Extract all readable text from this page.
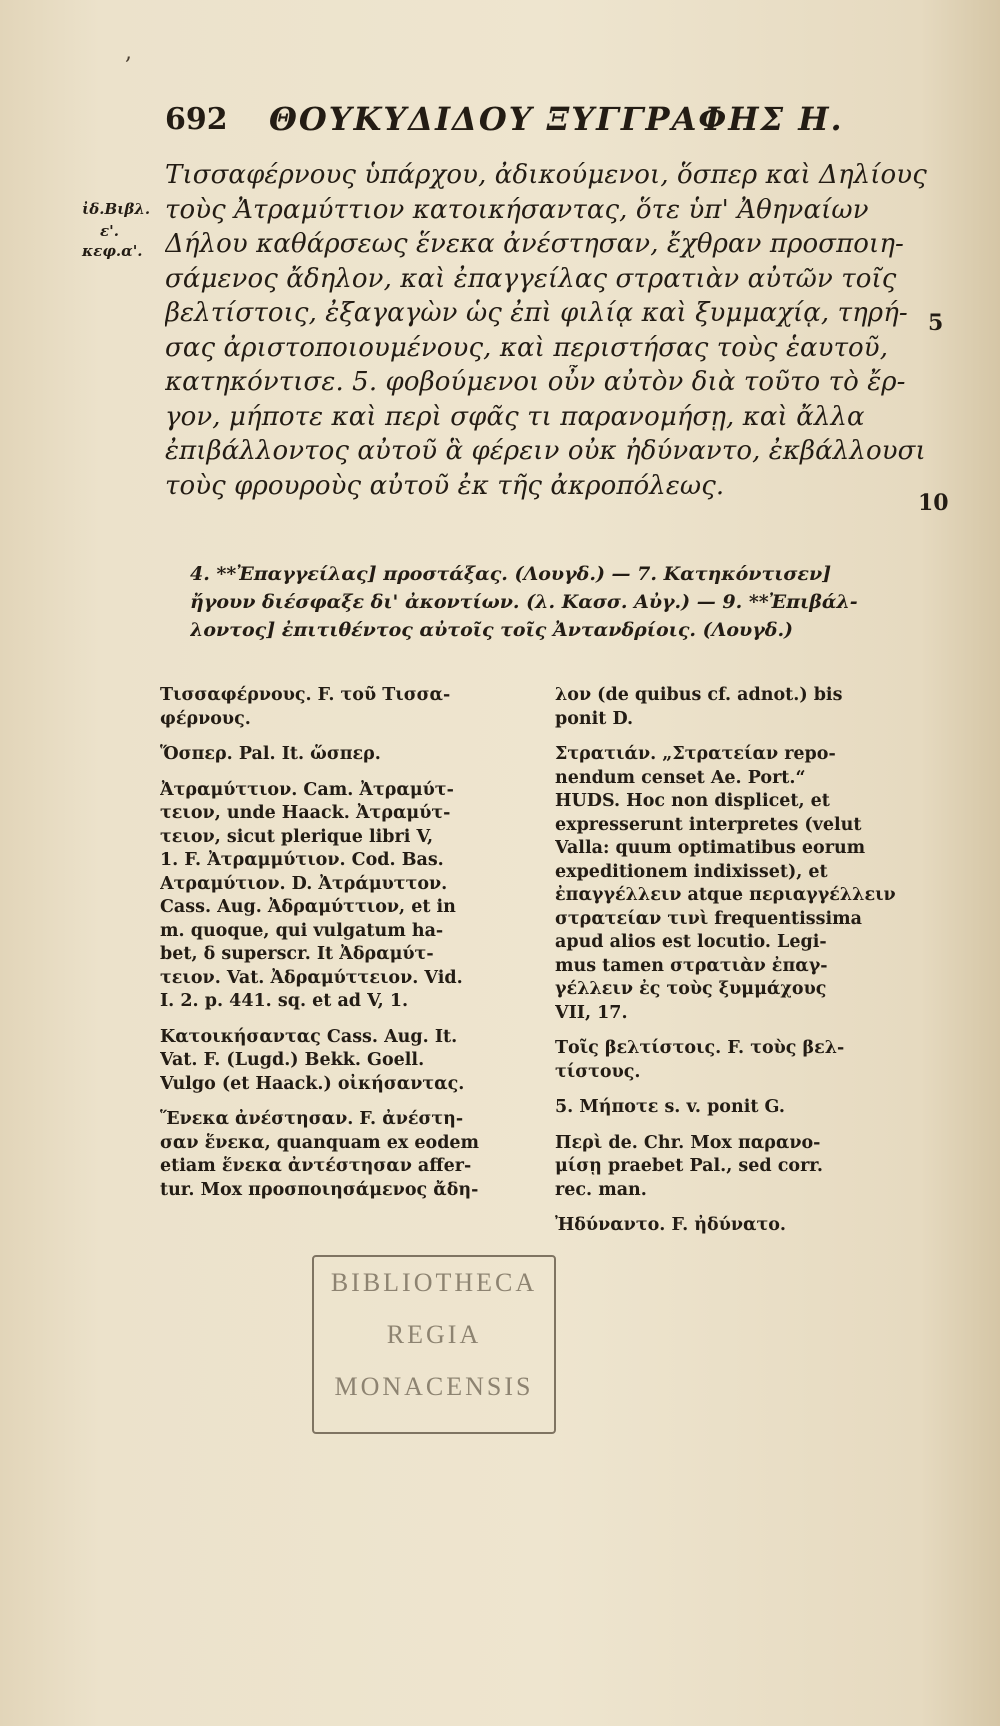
,
692 ΘΟΥΚΥΔΙΔΟΥ ΞΥΓΓΡΑΦΗΣ Η.
ἰδ.Βιβλ.
ε'.
κεφ.α'.
Τισσαφέρνους ὑπάρχου, ἀδικούμενοι, ὅσπερ καὶ Δηλίους
τοὺς Ἀτραμύττιον κατοικήσαντας, ὅτε ὑπ' Ἀθηναίων
Δήλου καθάρσεως ἕνεκα ἀνέστησαν, ἔχθραν προσποιη-
σάμενος ἄδηλον, καὶ ἐπαγγείλας στρατιὰν αὐτῶν τοῖς
βελτίστοις, ἐξαγαγὼν ὡς ἐπὶ φιλίᾳ καὶ ξυμμαχίᾳ, τηρή-
σας ἀριστοποιουμένους, καὶ περιστήσας τοὺς ἑαυτοῦ,
κατηκόντισε. 5. φοβούμενοι οὖν αὐτὸν διὰ τοῦτο τὸ ἔρ-
γον, μήποτε καὶ περὶ σφᾶς τι παρανομήσῃ, καὶ ἄλλα
ἐπιβάλλοντος αὐτοῦ ἃ φέρειν οὐκ ἠδύναντο, ἐκβάλλουσι
τοὺς φρουροὺς αὐτοῦ ἐκ τῆς ἀκροπόλεως.
5
10
4. **Ἐπαγγείλας] προστάξας. (Λουγδ.) — 7. Κατηκόντισεν]
ἤγουν διέσφαξε δι' ἀκοντίων. (λ. Κασσ. Αὐγ.) — 9. **Ἐπιβάλ-
λοντος] ἐπιτιθέντος αὐτοῖς τοῖς Ἀντανδρίοις. (Λουγδ.)
Τισσαφέρνους. F. τοῦ Τισσα-
φέρνους.
Ὅσπερ. Pal. It. ὥσπερ.
Ἀτραμύττιον. Cam. Ἀτραμύτ-
τειον, unde Haack. Ἀτραμύτ-
τειον, sicut plerique libri V,
1. F. Ἀτραμμύτιον. Cod. Bas.
Ατραμύτιον. D. Ἀτράμυττον.
Cass. Aug. Ἀδραμύττιον, et in
m. quoque, qui vulgatum ha-
bet, δ superscr. It Ἀδραμύτ-
τειον. Vat. Ἀδραμύττειον. Vid.
I. 2. p. 441. sq. et ad V, 1.
Κατοικήσαντας Cass. Aug. It.
Vat. F. (Lugd.) Bekk. Goell.
Vulgo (et Haack.) οἰκήσαντας.
Ἕνεκα ἀνέστησαν. F. ἀνέστη-
σαν ἕνεκα, quanquam ex eodem
etiam ἕνεκα ἀντέστησαν affer-
tur. Mox προσποιησάμενος ἄδη-
λον (de quibus cf. adnot.) bis
ponit D.
Στρατιάν. „Στρατείαν repo-
nendum censet Ae. Port.“
HUDS. Hoc non displicet, et
expresserunt interpretes (velut
Valla: quum optimatibus eorum
expeditionem indixisset), et
ἐπαγγέλλειν atque περιαγγέλλειν
στρατείαν τινὶ frequentissima
apud alios est locutio. Legi-
mus tamen στρατιὰν ἐπαγ-
γέλλειν ἐς τοὺς ξυμμάχους
VII, 17.
Τοῖς βελτίστοις. F. τοὺς βελ-
τίστους.
5. Μήποτε s. v. ponit G.
Περὶ de. Chr. Mox παρανο-
μίσῃ praebet Pal., sed corr.
rec. man.
Ἠδύναντο. F. ἠδύνατο.
BIBLIOTHECA
REGIA
MONACENSIS
